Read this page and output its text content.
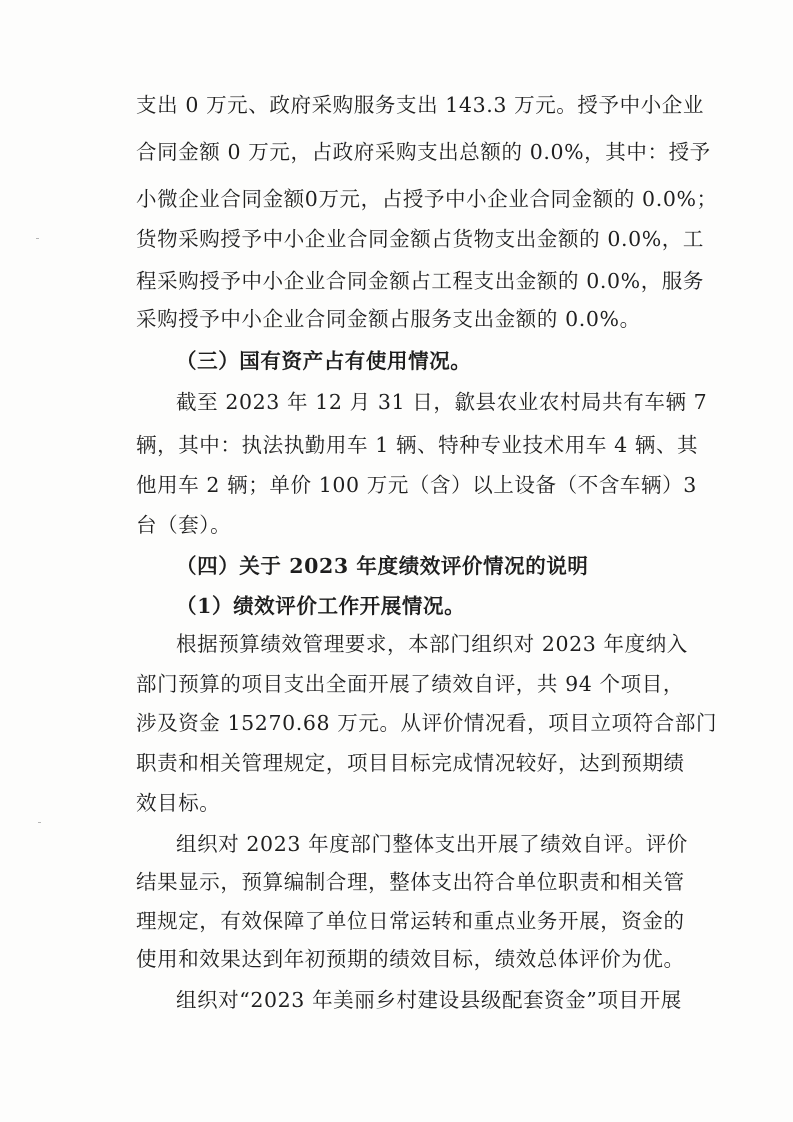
支出 0 万元、政府采购服务支出 143.3 万元。授予中小企业
合同金额 0 万元，占政府采购支出总额的 0.0%，其中：授予
小微企业合同金额0万元，占授予中小企业合同金额的 0.0%；
货物采购授予中小企业合同金额占货物支出金额的 0.0%，工
程采购授予中小企业合同金额占工程支出金额的 0.0%，服务
采购授予中小企业合同金额占服务支出金额的 0.0%。
（三）国有资产占有使用情况。
截至 2023 年 12 月 31 日，歙县农业农村局共有车辆 7
辆，其中：执法执勤用车 1 辆、特种专业技术用车 4 辆、其
他用车 2 辆；单价 100 万元（含）以上设备（不含车辆）3
台（套）。
（四）关于 2023 年度绩效评价情况的说明
（1）绩效评价工作开展情况。
根据预算绩效管理要求，本部门组织对 2023 年度纳入
部门预算的项目支出全面开展了绩效自评，共 94 个项目，
涉及资金 15270.68 万元。从评价情况看，项目立项符合部门
职责和相关管理规定，项目目标完成情况较好，达到预期绩
效目标。
组织对 2023 年度部门整体支出开展了绩效自评。评价
结果显示，预算编制合理，整体支出符合单位职责和相关管
理规定，有效保障了单位日常运转和重点业务开展，资金的
使用和效果达到年初预期的绩效目标，绩效总体评价为优。
组织对“2023 年美丽乡村建设县级配套资金”项目开展
